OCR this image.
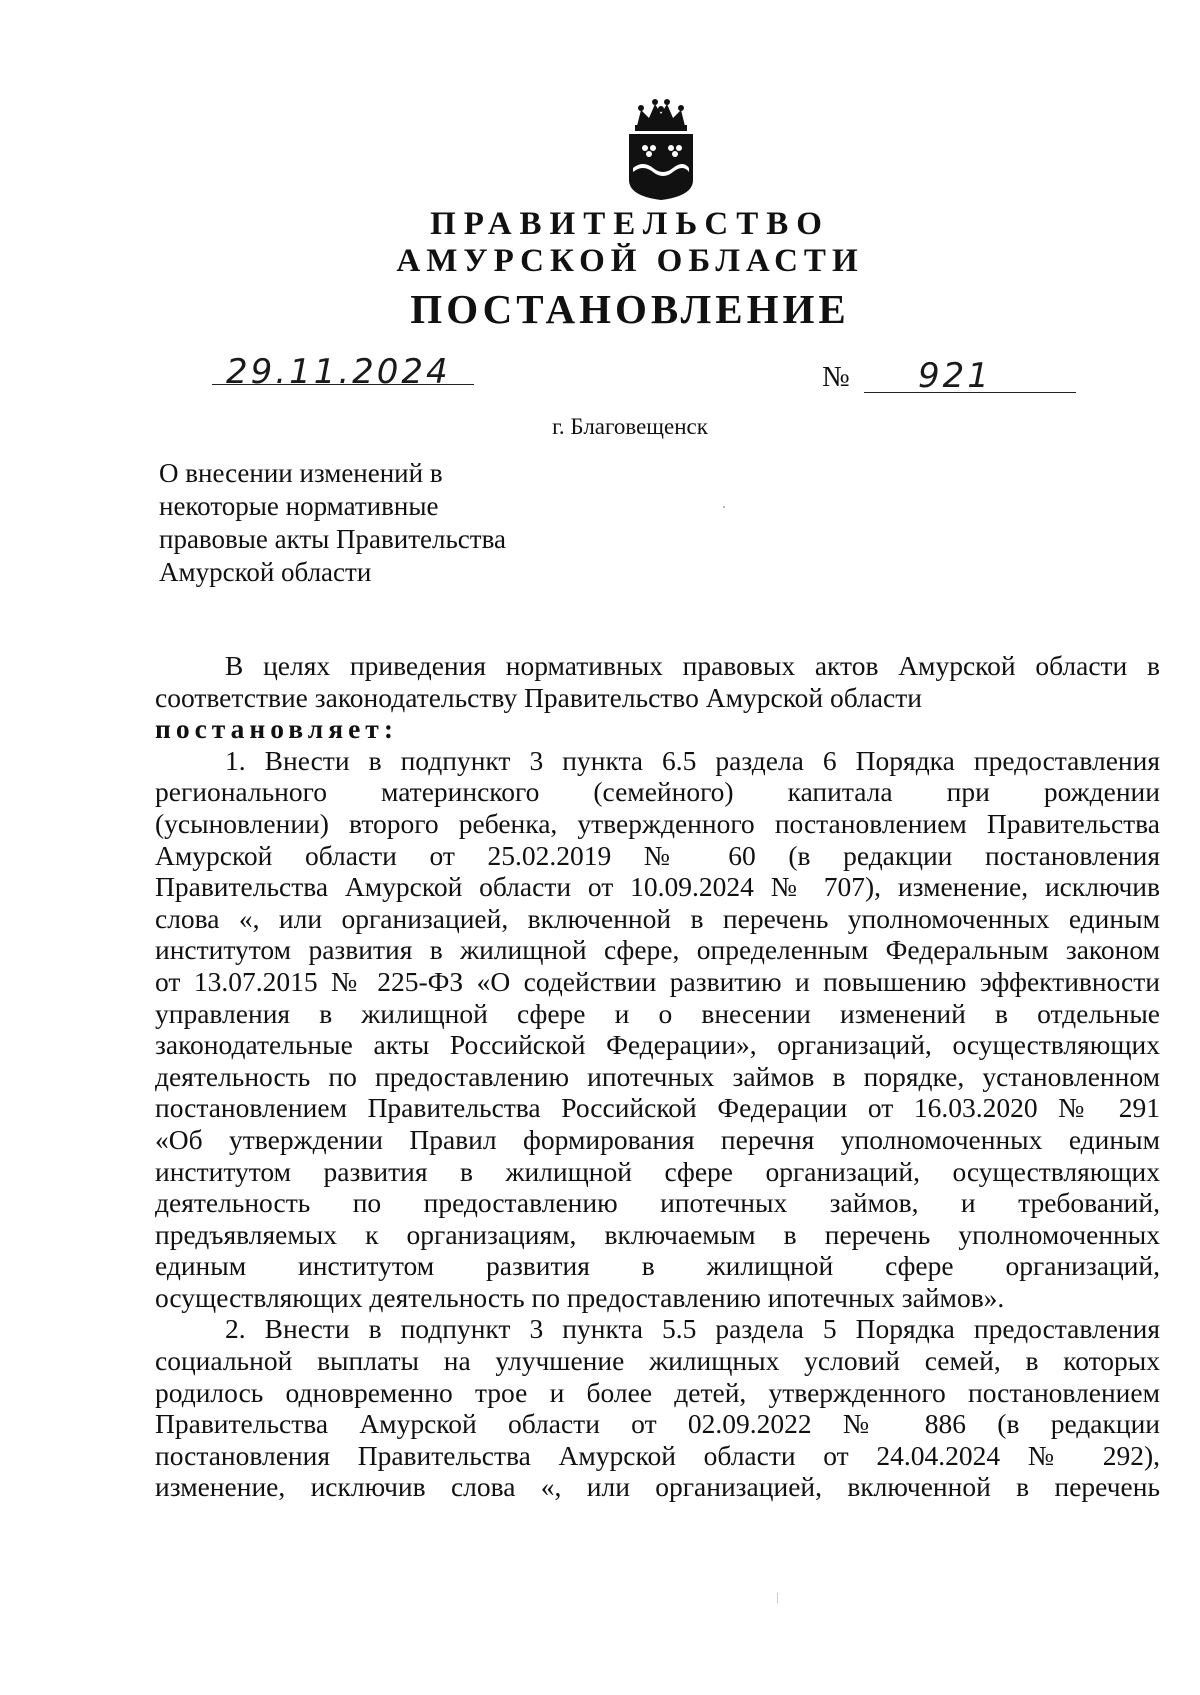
ПРАВИТЕЛЬСТВО
АМУРСКОЙ ОБЛАСТИ
ПОСТАНОВЛЕНИЕ
29.11.2024	№ 921
г. Благовещенск
О внесении изменений в
некоторые нормативные
правовые акты Правительства
Амурской области
В целях приведения нормативных правовых актов Амурской области в
соответствие законодательству Правительство Амурской области
постановляет:
1. Внести в подпункт 3 пункта 6.5 раздела 6 Порядка предоставления
регионального материнского (семейного) капитала при рождении
(усыновлении) второго ребенка, утвержденного постановлением Правительства
Амурской области от 25.02.2019 № 60 (в редакции постановления
Правительства Амурской области от 10.09.2024 № 707), изменение, исключив
слова «, или организацией, включенной в перечень уполномоченных единым
институтом развития в жилищной сфере, определенным Федеральным законом
от 13.07.2015 № 225-ФЗ «О содействии развитию и повышению эффективности
управления в жилищной сфере и о внесении изменений в отдельные
законодательные акты Российской Федерации», организаций, осуществляющих
деятельность по предоставлению ипотечных займов в порядке, установленном
постановлением Правительства Российской Федерации от 16.03.2020 № 291
«Об утверждении Правил формирования перечня уполномоченных единым
институтом развития в жилищной сфере организаций, осуществляющих
деятельность по предоставлению ипотечных займов, и требований,
предъявляемых к организациям, включаемым в перечень уполномоченных
единым институтом развития в жилищной сфере организаций,
осуществляющих деятельность по предоставлению ипотечных займов».
2. Внести в подпункт 3 пункта 5.5 раздела 5 Порядка предоставления
социальной выплаты на улучшение жилищных условий семей, в которых
родилось одновременно трое и более детей, утвержденного постановлением
Правительства Амурской области от 02.09.2022 № 886 (в редакции
постановления Правительства Амурской области от 24.04.2024 № 292),
изменение, исключив слова «, или организацией, включенной в перечень
